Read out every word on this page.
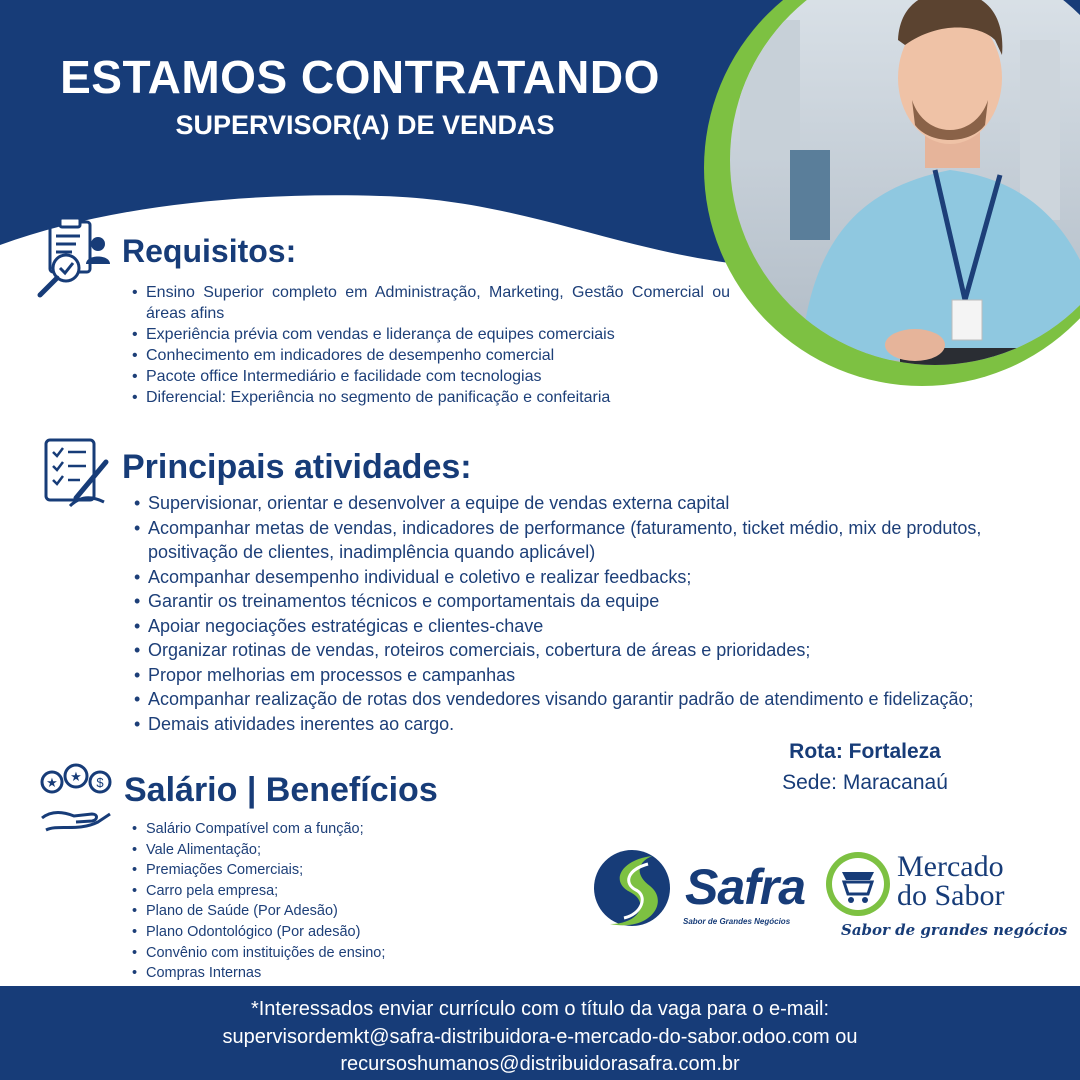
ESTAMOS CONTRATANDO
SUPERVISOR(A) DE VENDAS
Requisitos:
• Ensino Superior completo em Administração, Marketing, Gestão Comercial ou áreas afins
• Experiência prévia com vendas e liderança de equipes comerciais
• Conhecimento em indicadores de desempenho comercial
• Pacote office Intermediário e facilidade com tecnologias
• Diferencial: Experiência no segmento de panificação e confeitaria
Principais atividades:
• Supervisionar, orientar e desenvolver a equipe de vendas externa capital
• Acompanhar metas de vendas, indicadores de performance (faturamento, ticket médio, mix de produtos, positivação de clientes, inadimplência quando aplicável)
• Acompanhar desempenho individual e coletivo e realizar feedbacks;
• Garantir os treinamentos técnicos e comportamentais da equipe
• Apoiar negociações estratégicas e clientes-chave
• Organizar rotinas de vendas, roteiros comerciais, cobertura de áreas e prioridades;
• Propor melhorias em processos e campanhas
• Acompanhar realização de rotas dos vendedores visando garantir padrão de atendimento e fidelização;
• Demais atividades inerentes ao cargo.
Rota: Fortaleza
Sede: Maracanaú
★ ★ $ Salário | Benefícios
• Salário Compatível com a função;
• Vale Alimentação;
• Premiações Comerciais;
• Carro pela empresa;
• Plano de Saúde (Por Adesão)
• Plano Odontológico (Por adesão)
• Convênio com instituições de ensino;
• Compras Internas
Safra
Sabor de Grandes Negócios
Mercado
do Sabor
Sabor de grandes negócios
*Interessados enviar currículo com o título da vaga para o e-mail:
supervisordemkt@safra-distribuidora-e-mercado-do-sabor.odoo.com ou
recursoshumanos@distribuidorasafra.com.br
